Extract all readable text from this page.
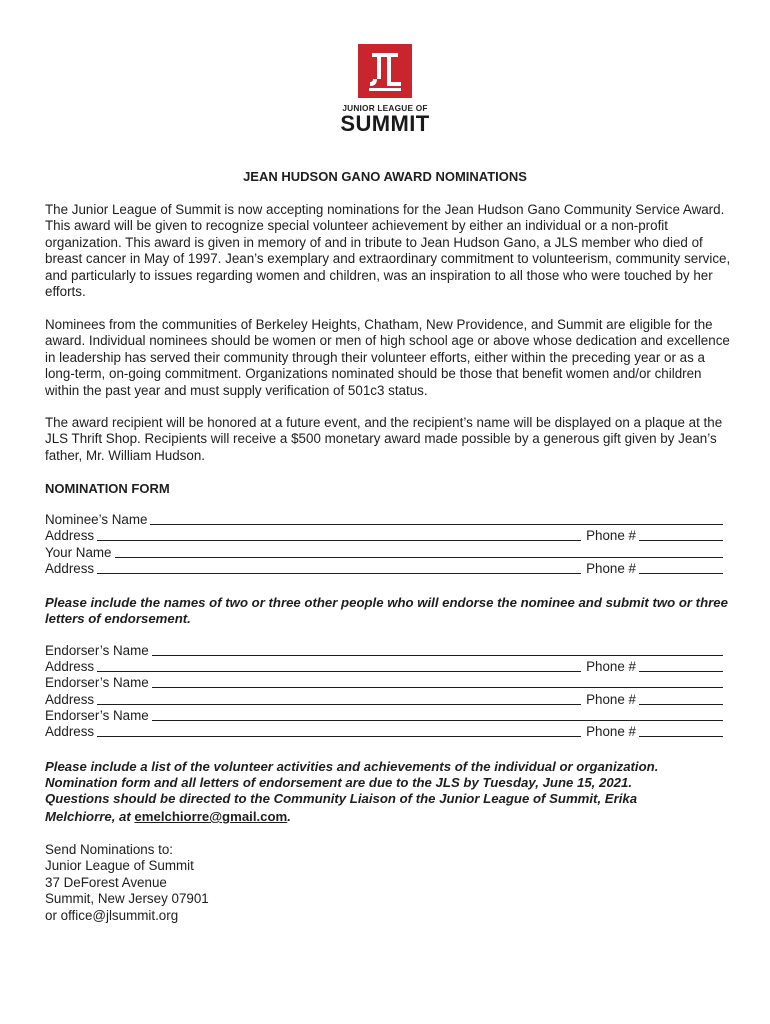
JUNIOR LEAGUE OF
SUMMIT
JEAN HUDSON GANO AWARD NOMINATIONS

The Junior League of Summit is now accepting nominations for the Jean Hudson Gano Community Service Award. This award will be given to recognize special volunteer achievement by either an individual or a non-profit organization. This award is given in memory of and in tribute to Jean Hudson Gano, a JLS member who died of breast cancer in May of 1997. Jean’s exemplary and extraordinary commitment to volunteerism, community service, and particularly to issues regarding women and children, was an inspiration to all those who were touched by her efforts.

Nominees from the communities of Berkeley Heights, Chatham, New Providence, and Summit are eligible for the award. Individual nominees should be women or men of high school age or above whose dedication and excellence in leadership has served their community through their volunteer efforts, either within the preceding year or as a long-term, on-going commitment. Organizations nominated should be those that benefit women and/or children within the past year and must supply verification of 501c3 status.

The award recipient will be honored at a future event, and the recipient’s name will be displayed on a plaque at the JLS Thrift Shop. Recipients will receive a $500 monetary award made possible by a generous gift given by Jean’s father, Mr. William Hudson.

NOMINATION FORM
Nominee’s Name
Address	Phone #
Your Name
Address	Phone #

Please include the names of two or three other people who will endorse the nominee and submit two or three letters of endorsement.

Endorser’s Name
Address	Phone #
Endorser’s Name
Address	Phone #
Endorser’s Name
Address	Phone #

Please include a list of the volunteer activities and achievements of the individual or organization.

Nomination form and all letters of endorsement are due to the JLS by Tuesday, June 15, 2021.

Questions should be directed to the Community Liaison of the Junior League of Summit, Erika

Melchiorre, at emelchiorre@gmail.com.

Send Nominations to:
Junior League of Summit
37 DeForest Avenue
Summit, New Jersey 07901
or office@jlsummit.org
